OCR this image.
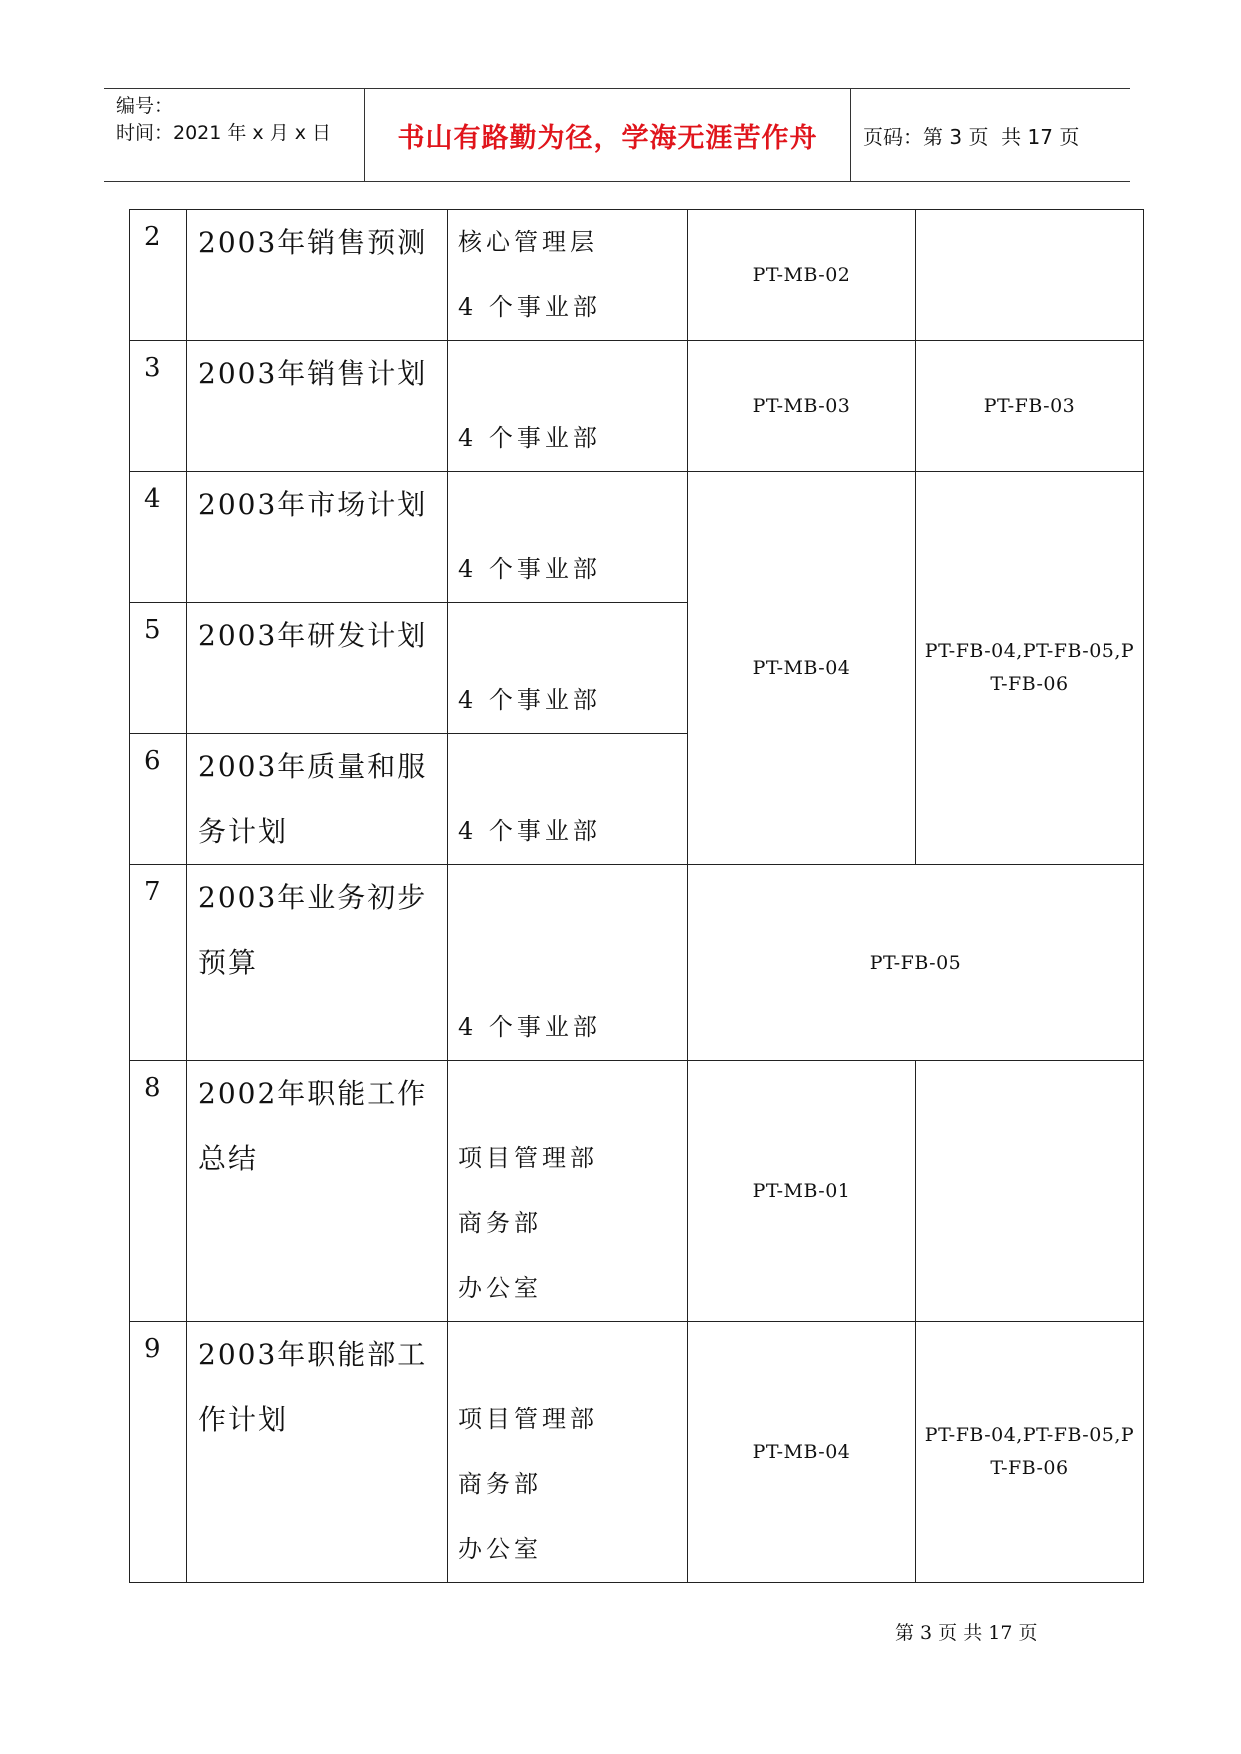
编号：
时间：2021 年 x 月 x 日	书山有路勤为径，学海无涯苦作舟	页码：第 3 页  共 17 页
2	2003年销售预测	核心管理层
4 个事业部	PT-MB-02	
3	2003年销售计划	4 个事业部	PT-MB-03	PT-FB-03
4	2003年市场计划	4 个事业部	PT-MB-04	PT-FB-04,PT-FB-05,PT-FB-06
5	2003年研发计划	4 个事业部		

6	2003年质量和服务计划	4 个事业部		

7	2003年业务初步预算	4 个事业部	PT-FB-05	
8	2002年职能工作总结	项目管理部
商务部
办公室	PT-MB-01	
9	2003年职能部工作计划	项目管理部
商务部
办公室	PT-MB-04	PT-FB-04,PT-FB-05,PT-FB-06
第 3 页 共 17 页
